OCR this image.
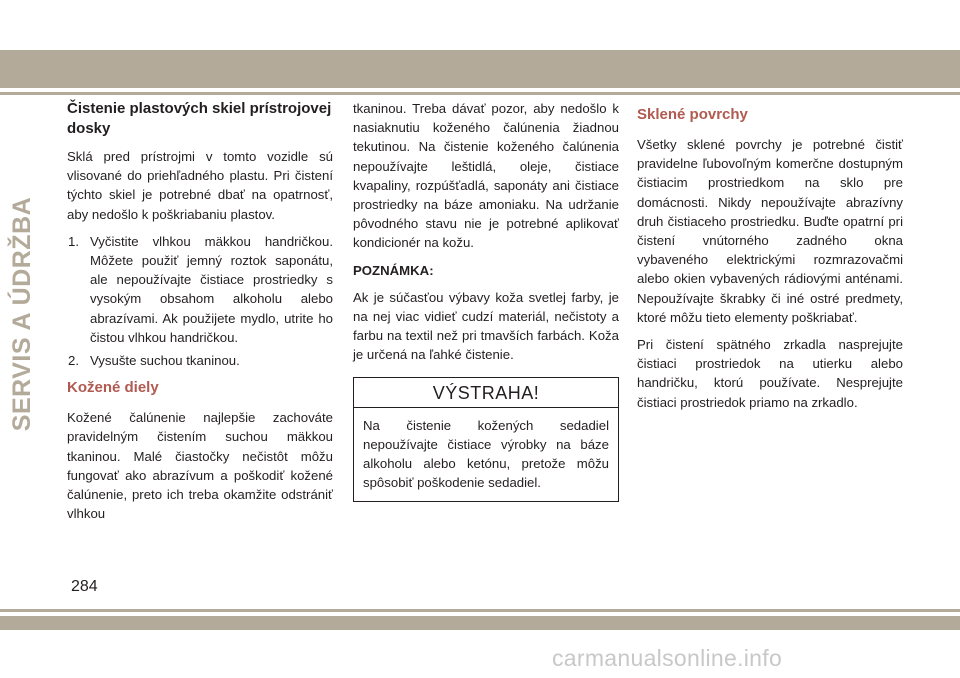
SERVIS A ÚDRŽBA
Čistenie plastových skiel prístrojovej dosky

Sklá pred prístrojmi v tomto vozidle sú vlisované do priehľadného plastu. Pri čistení týchto skiel je potrebné dbať na opatrnosť, aby nedošlo k poškriabaniu plastov.

1. Vyčistite vlhkou mäkkou handričkou. Môžete použiť jemný roztok saponátu, ale nepoužívajte čistiace prostriedky s vysokým obsahom alkoholu alebo abrazívami. Ak použijete mydlo, utrite ho čistou vlhkou handričkou.
2. Vysušte suchou tkaninou.
Kožené diely

Kožené čalúnenie najlepšie zachováte pravidelným čistením suchou mäkkou tkaninou. Malé čiastočky nečistôt môžu fungovať ako abrazívum a poškodiť kožené čalúnenie, preto ich treba okamžite odstrániť vlhkou

tkaninou. Treba dávať pozor, aby nedošlo k nasiaknutiu koženého čalúnenia žiadnou tekutinou. Na čistenie koženého čalúnenia nepoužívajte leštidlá, oleje, čistiace kvapaliny, rozpúšťadlá, saponáty ani čistiace prostriedky na báze amoniaku. Na udržanie pôvodného stavu nie je potrebné aplikovať kondicionér na kožu.

POZNÁMKA:

Ak je súčasťou výbavy koža svetlej farby, je na nej viac vidieť cudzí materiál, nečistoty a farbu na textil než pri tmavších farbách. Koža je určená na ľahké čistenie.

VÝSTRAHA!
Na čistenie kožených sedadiel nepoužívajte čistiace výrobky na báze alkoholu alebo ketónu, pretože môžu spôsobiť poškodenie sedadiel.
Sklené povrchy

Všetky sklené povrchy je potrebné čistiť pravidelne ľubovoľným komerčne dostupným čistiacim prostriedkom na sklo pre domácnosti. Nikdy nepoužívajte abrazívny druh čistiaceho prostriedku. Buďte opatrní pri čistení vnútorného zadného okna vybaveného elektrickými rozmrazovačmi alebo okien vybavených rádiovými anténami. Nepoužívajte škrabky či iné ostré predmety, ktoré môžu tieto elementy poškriabať.

Pri čistení spätného zrkadla nasprejujte čistiaci prostriedok na utierku alebo handričku, ktorú používate. Nesprejujte čistiaci prostriedok priamo na zrkadlo.

284
carmanualsonline.info
